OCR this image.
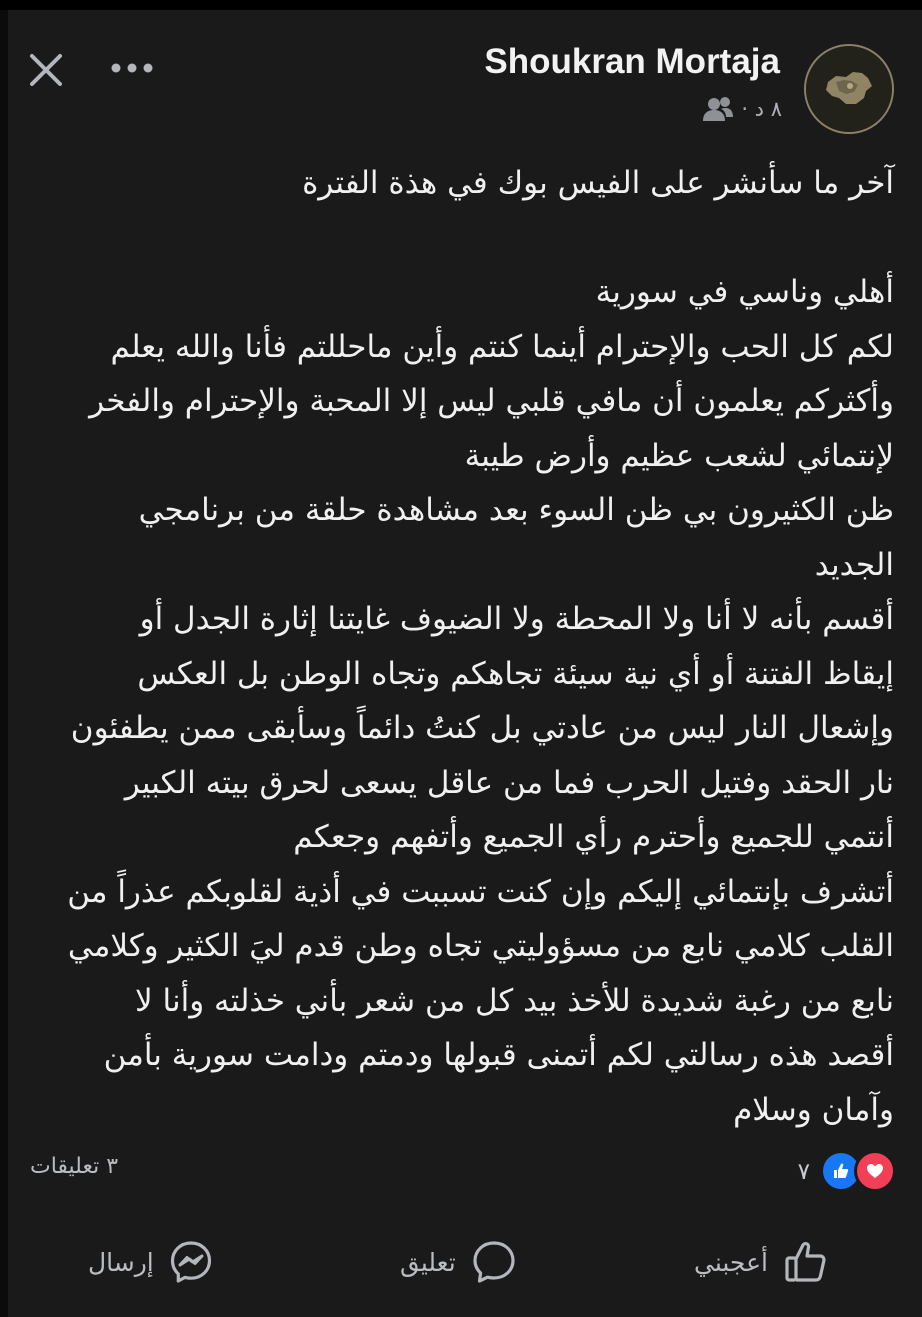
Shoukran Mortaja
٨ د ·
آخر ما سأنشر على الفيس بوك في هذة الفترة
أهلي وناسي في سورية
لكم كل الحب والإحترام أينما كنتم وأين ماحللتم فأنا والله يعلم
وأكثركم يعلمون أن مافي قلبي ليس إلا المحبة والإحترام والفخر
لإنتمائي لشعب عظيم وأرض طيبة
ظن الكثيرون بي ظن السوء بعد مشاهدة حلقة من برنامجي
الجديد
أقسم بأنه لا أنا ولا المحطة ولا الضيوف غايتنا إثارة الجدل أو
إيقاظ الفتنة أو أي نية سيئة تجاهكم وتجاه الوطن بل العكس
وإشعال النار ليس من عادتي بل كنتُ دائماً وسأبقى ممن يطفئون
نار الحقد وفتيل الحرب فما من عاقل يسعى لحرق بيته الكبير
أنتمي للجميع وأحترم رأي الجميع وأتفهم وجعكم
أتشرف بإنتمائي إليكم وإن كنت تسببت في أذية لقلوبكم عذراً من
القلب كلامي نابع من مسؤوليتي تجاه وطن قدم ليَ الكثير وكلامي
نابع من رغبة شديدة للأخذ بيد كل من شعر بأني خذلته وأنا لا
أقصد هذه رسالتي لكم أتمنى قبولها ودمتم ودامت سورية بأمن
وآمان وسلام
٣ تعليقات	٧
إرسال	تعليق	أعجبني
